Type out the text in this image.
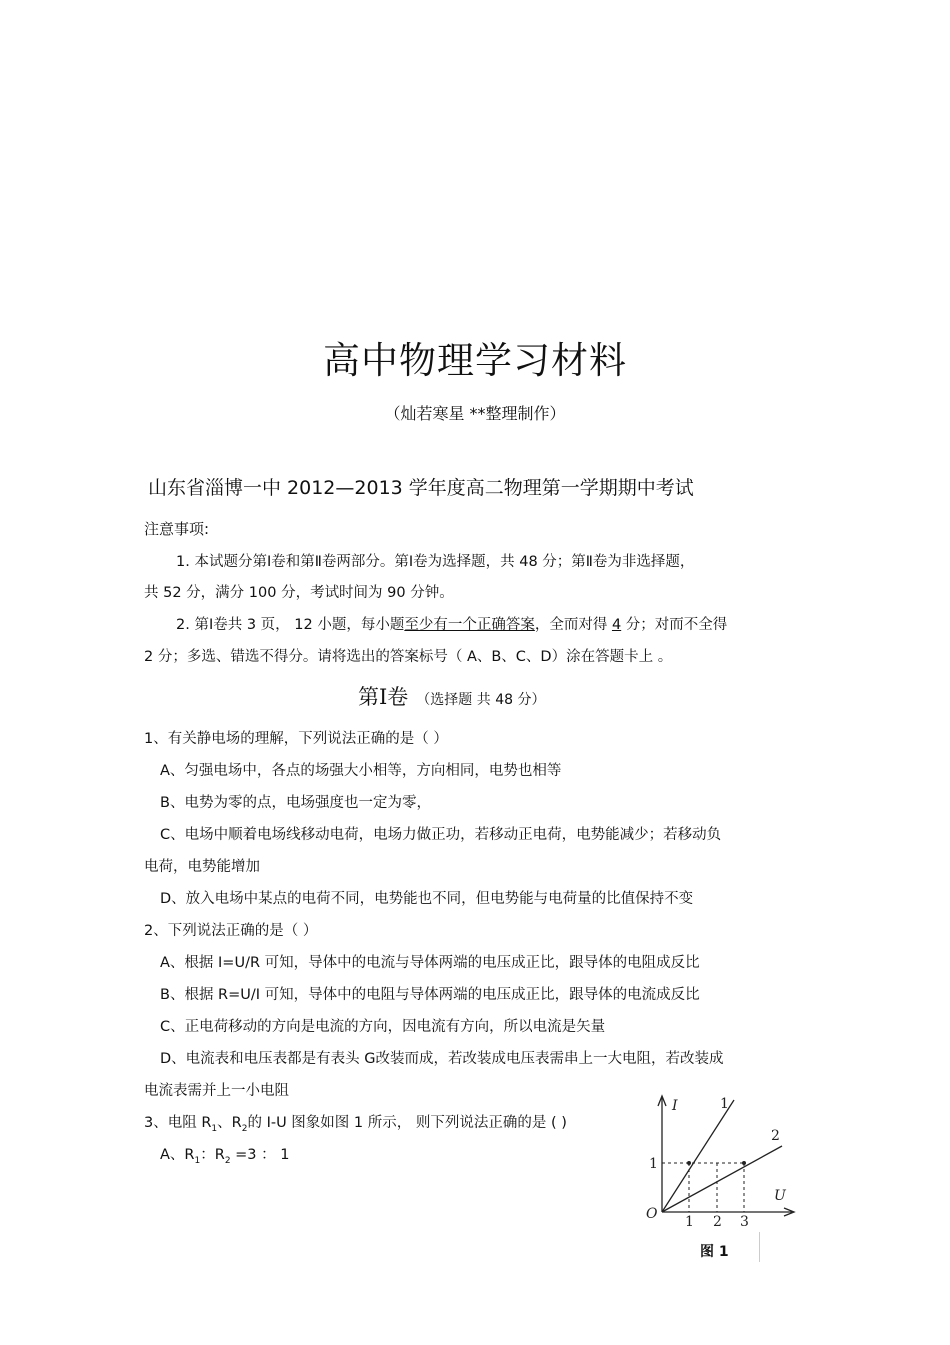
高中物理学习材料
（灿若寒星 **整理制作）
山东省淄博一中 2012—2013 学年度高二物理第一学期期中考试
注意事项:
1. 本试题分第Ⅰ卷和第Ⅱ卷两部分。第Ⅰ卷为选择题，共 48 分；第Ⅱ卷为非选择题，
共 52 分，满分 100 分，考试时间为 90 分钟。
2. 第Ⅰ卷共 3 页， 12 小题，每小题至少有一个正确答案，全而对得 4 分；对而不全得
2 分；多选、错选不得分。请将选出的答案标号（ A、B、C、D）涂在答题卡上 。
第Ⅰ卷 （选择题 共 48 分）
1、有关静电场的理解，下列说法正确的是（ ）
A、匀强电场中，各点的场强大小相等，方向相同，电势也相等
B、电势为零的点，电场强度也一定为零，
C、电场中顺着电场线移动电荷，电场力做正功，若移动正电荷，电势能减少；若移动负
电荷，电势能增加
D、放入电场中某点的电荷不同，电势能也不同，但电势能与电荷量的比值保持不变
2、下列说法正确的是（ ）
A、根据 I=U/R 可知，导体中的电流与导体两端的电压成正比，跟导体的电阻成反比
B、根据 R=U/I 可知，导体中的电阻与导体两端的电压成正比，跟导体的电流成反比
C、正电荷移动的方向是电流的方向，因电流有方向，所以电流是矢量
D、电流表和电压表都是有表头 G改装而成，若改装成电压表需串上一大电阻，若改装成
电流表需并上一小电阻
3、电阻 $R_1$、$R_2$的 I-U 图象如图 1 所示， 则下列说法正确的是 ( )
A、$R_1$：$R_2 =3$ ： 1
I
U
O
1
1 2 3
1
2
图 1
